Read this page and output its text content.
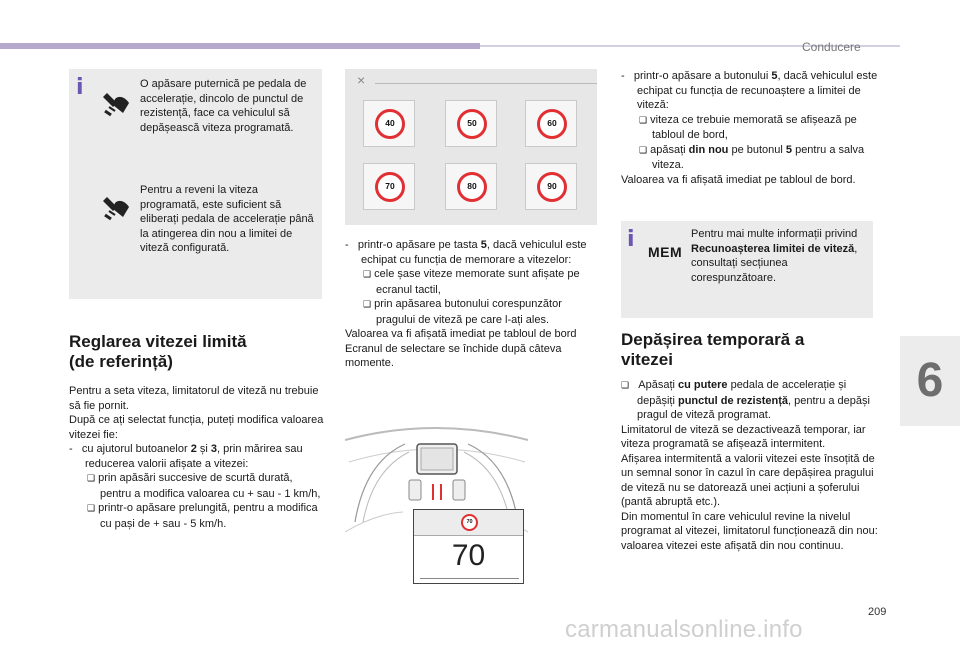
Conducere
i	O apăsare puternică pe pedala de accelerație, dincolo de punctul de rezistență, face ca vehiculul să depășească viteza programată.
Pentru a reveni la viteza programată, este suficient să eliberați pedala de accelerație până la atingerea din nou a limitei de viteză configurată.
Reglarea vitezei limită
(de referință)

Pentru a seta viteza, limitatorul de viteză nu trebuie să fie pornit.

După ce ați selectat funcția, puteți modifica valoarea vitezei fie:

-   cu ajutorul butoanelor 2 și 3, prin mărirea sau reducerea valorii afișate a vitezei:

❑ prin apăsări succesive de scurtă durată, pentru a modifica valoarea cu + sau - 1 km/h,

❑ printr-o apăsare prelungită, pentru a modifica cu pași de + sau - 5 km/h.

×
40	50	60
70	80	90

-   printr-o apăsare pe tasta 5, dacă vehiculul este echipat cu funcția de memorare a vitezelor:

❑ cele șase viteze memorate sunt afișate pe ecranul tactil,

❑ prin apăsarea butonului corespunzător pragului de viteză pe care l-ați ales.

Valoarea va fi afișată imediat pe tabloul de bord Ecranul de selectare se închide după câteva momente.

70
70

-   printr-o apăsare a butonului 5, dacă vehiculul este echipat cu funcția de recunoaștere a limitei de viteză:

❑ viteza ce trebuie memorată se afișează pe tabloul de bord,

❑ apăsați din nou pe butonul 5 pentru a salva viteza.

Valoarea va fi afișată imediat pe tabloul de bord.

i MEM
Pentru mai multe informații privind Recunoașterea limitei de viteză, consultați secțiunea corespunzătoare.
Depășirea temporară a
vitezei

❑ Apăsați cu putere pedala de accelerație și depășiți punctul de rezistență, pentru a depăși pragul de viteză programat.

Limitatorul de viteză se dezactivează temporar, iar viteza programată se afișează intermitent.

Afișarea intermitentă a valorii vitezei este însoțită de un semnal sonor în cazul în care depășirea pragului de viteză nu se datorează unei acțiuni a șoferului (pantă abruptă etc.).

Din momentul în care vehiculul revine la nivelul programat al vitezei, limitatorul funcționează din nou: valoarea vitezei este afișată din nou continuu.

6
209
carmanualsonline.info
